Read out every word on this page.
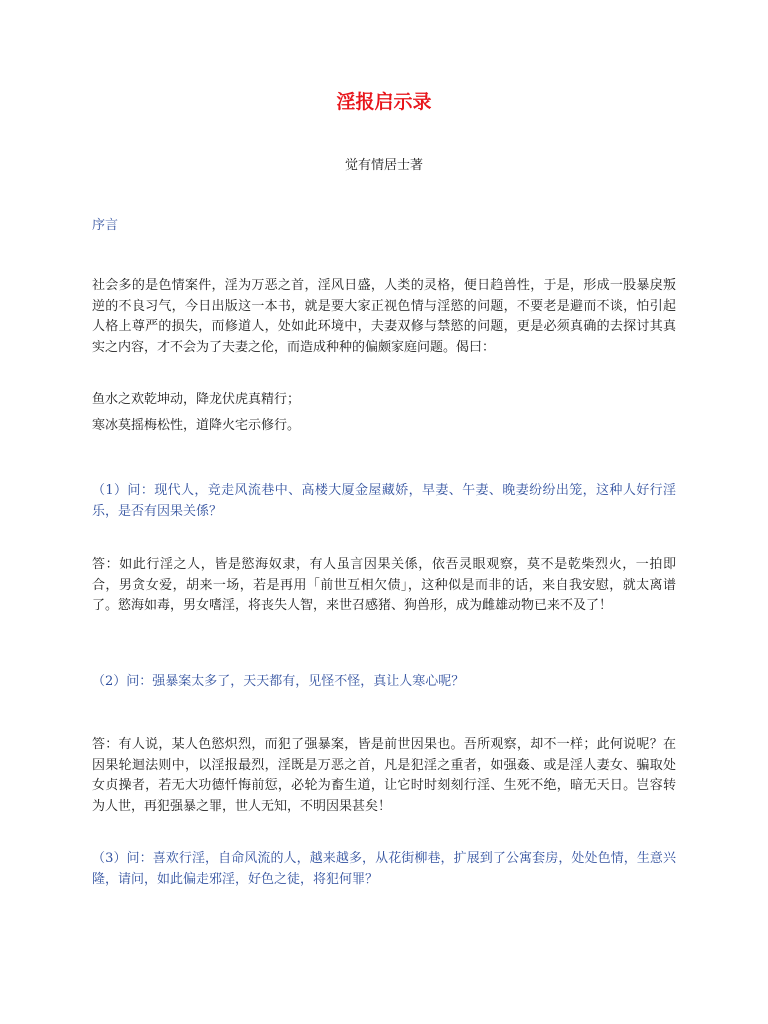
淫报启示录
觉有情居士著
序言

社会多的是色情案件，淫为万恶之首，淫风日盛，人类的灵格，便日趋兽性，于是，形成一股暴戾叛逆的不良习气，今日出版这一本书，就是要大家正视色情与淫慾的问题，不要老是避而不谈，怕引起人格上尊严的损失，而修道人，处如此环境中，夫妻双修与禁慾的问题，更是必须真确的去探讨其真实之内容，才不会为了夫妻之伦，而造成种种的偏颇家庭问题。偈曰：

鱼水之欢乾坤动，降龙伏虎真精行；
寒冰莫摇梅松性，道降火宅示修行。

（1）问：现代人，竞走风流巷中、高楼大厦金屋藏娇，早妻、午妻、晚妻纷纷出笼，这种人好行淫乐，是否有因果关係？

答：如此行淫之人，皆是慾海奴隶，有人虽言因果关係，依吾灵眼观察，莫不是乾柴烈火，一拍即合，男贪女爱，胡来一场，若是再用「前世互相欠债」，这种似是而非的话，来自我安慰，就太离谱了。慾海如毒，男女嗜淫，将丧失人智，来世召感猪、狗兽形，成为雌雄动物已来不及了！

（2）问：强暴案太多了，天天都有，见怪不怪，真让人寒心呢？

答：有人说，某人色慾炽烈，而犯了强暴案，皆是前世因果也。吾所观察，却不一样；此何说呢？在因果轮迴法则中，以淫报最烈，淫既是万恶之首，凡是犯淫之重者，如强姦、或是淫人妻女、骗取处女贞操者，若无大功德忏悔前愆，必轮为畜生道，让它时时刻刻行淫、生死不绝，暗无天日。岂容转为人世，再犯强暴之罪，世人无知，不明因果甚矣！

（3）问：喜欢行淫，自命风流的人，越来越多，从花街柳巷，扩展到了公寓套房，处处色情，生意兴隆，请问，如此偏走邪淫，好色之徒，将犯何罪？
